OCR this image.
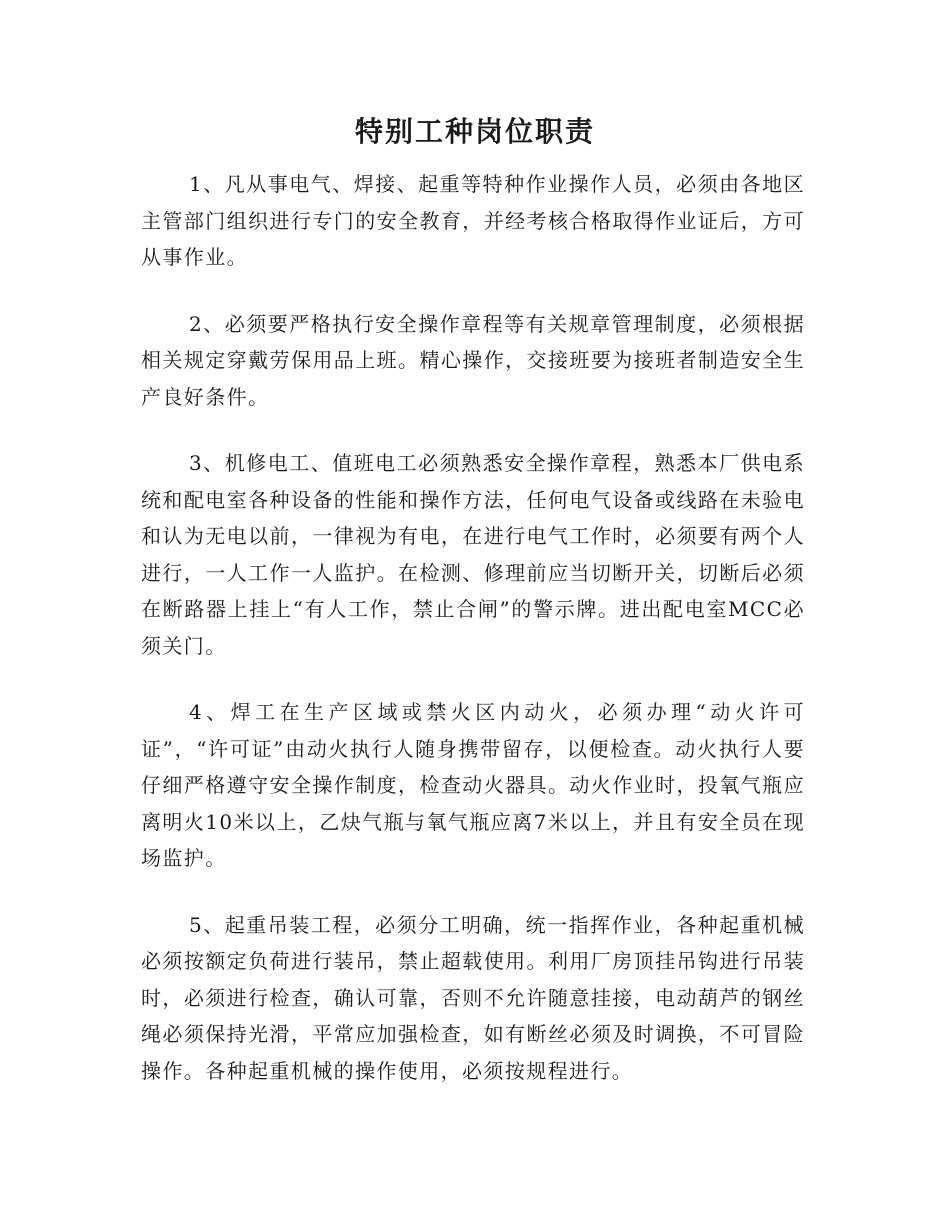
特别工种岗位职责

1、凡从事电气、焊接、起重等特种作业操作人员，必须由各地区主管部门组织进行专门的安全教育，并经考核合格取得作业证后，方可从事作业。

2、必须要严格执行安全操作章程等有关规章管理制度，必须根据相关规定穿戴劳保用品上班。精心操作，交接班要为接班者制造安全生产良好条件。

3、机修电工、值班电工必须熟悉安全操作章程，熟悉本厂供电系统和配电室各种设备的性能和操作方法，任何电气设备或线路在未验电和认为无电以前，一律视为有电，在进行电气工作时，必须要有两个人进行，一人工作一人监护。在检测、修理前应当切断开关，切断后必须在断路器上挂上“有人工作，禁止合闸”的警示牌。进出配电室MCC必须关门。

4、焊工在生产区域或禁火区内动火，必须办理“动火许可证”，“许可证”由动火执行人随身携带留存，以便检查。动火执行人要仔细严格遵守安全操作制度，检查动火器具。动火作业时，投氧气瓶应离明火10米以上，乙炔气瓶与氧气瓶应离7米以上，并且有安全员在现场监护。

5、起重吊装工程，必须分工明确，统一指挥作业，各种起重机械必须按额定负荷进行装吊，禁止超载使用。利用厂房顶挂吊钩进行吊装时，必须进行检查，确认可靠，否则不允许随意挂接，电动葫芦的钢丝绳必须保持光滑，平常应加强检查，如有断丝必须及时调换，不可冒险操作。各种起重机械的操作使用，必须按规程进行。
